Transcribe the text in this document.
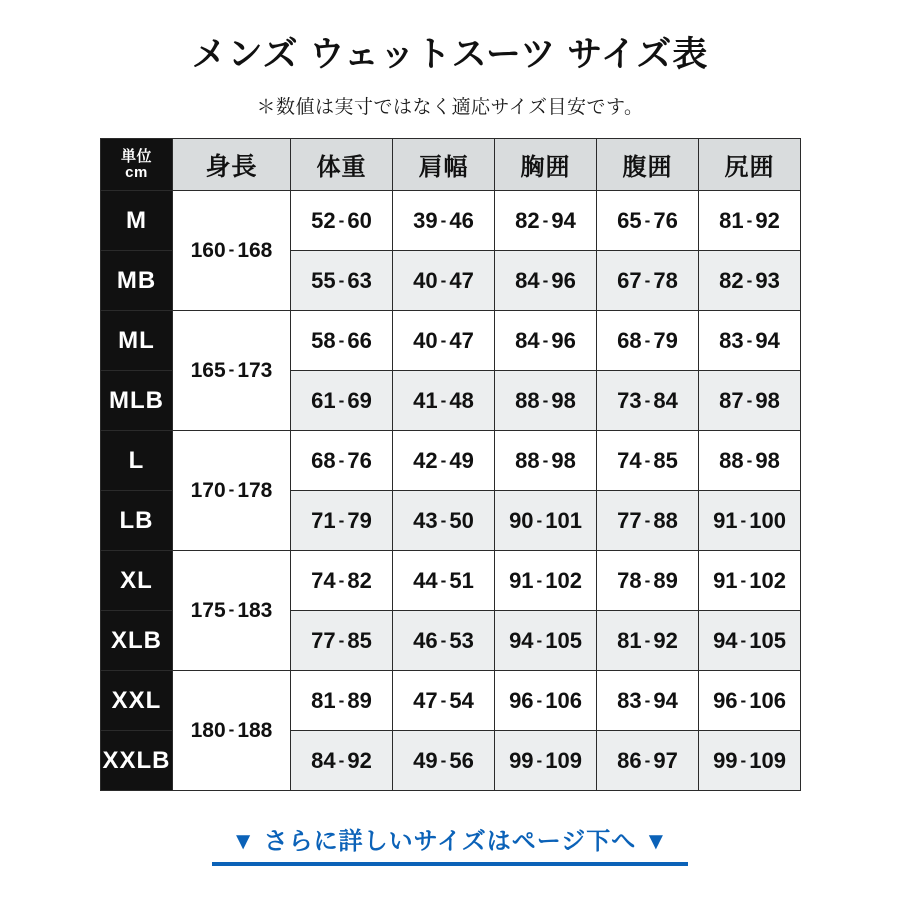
メンズ ウェットスーツ サイズ表
＊数値は実寸ではなく適応サイズ目安です。
単位
cm	身長	体重	肩幅	胸囲	腹囲	尻囲
M	160 - 168	52 - 60	39 - 46	82 - 94	65 - 76	81 - 92
MB		55 - 63	40 - 47	84 - 96	67 - 78	82 - 93
ML	165 - 173	58 - 66	40 - 47	84 - 96	68 - 79	83 - 94
MLB		61 - 69	41 - 48	88 - 98	73 - 84	87 - 98
L	170 - 178	68 - 76	42 - 49	88 - 98	74 - 85	88 - 98
LB		71 - 79	43 - 50	90 - 101	77 - 88	91 - 100
XL	175 - 183	74 - 82	44 - 51	91 - 102	78 - 89	91 - 102
XLB		77 - 85	46 - 53	94 - 105	81 - 92	94 - 105
XXL	180 - 188	81 - 89	47 - 54	96 - 106	83 - 94	96 - 106
XXLB		84 - 92	49 - 56	99 - 109	86 - 97	99 - 109
▼ さらに詳しいサイズはページ下へ ▼
